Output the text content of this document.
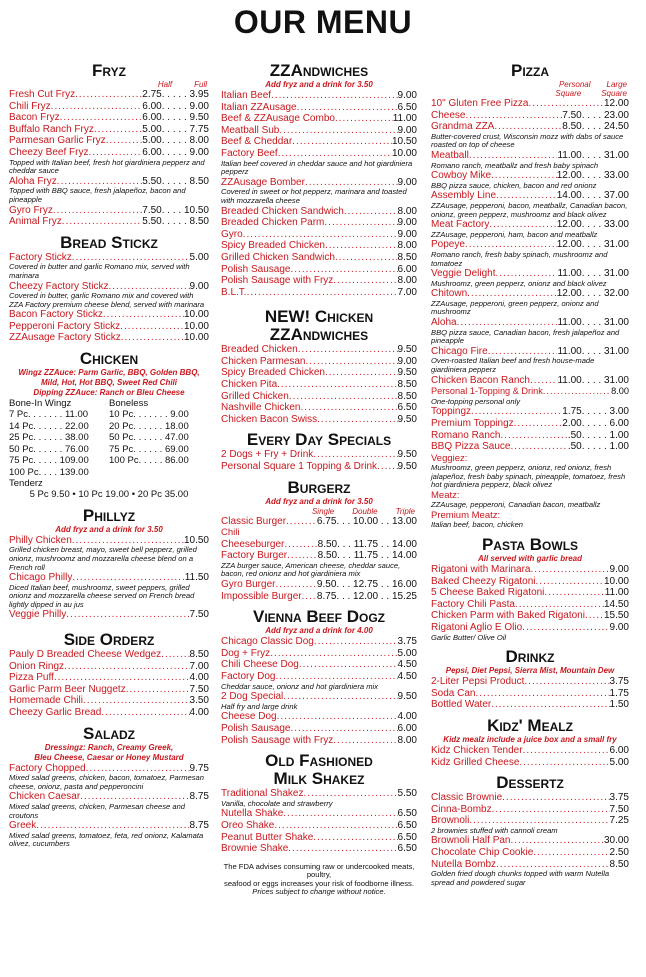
OUR MENU
Fryz
Half	Full
Fresh Cut Fryz .....	2.75. . . . . 3.95
Chili Fryz .....	6.00. . . . . 9.00
Bacon Fryz .....	6.00. . . . . 9.50
Buffalo Ranch Fryz .....	5.00. . . . . 7.75
Parmesan Garlic Fryz .....	5.00. . . . . 8.00
Cheezy Beef Fryz .....	6.00. . . . . 9.00
Topped with Italian beef, fresh hot giardiniera pepperz and cheddar sauce
Aloha Fryz .....	5.50. . . . . 8.50
Topped with BBQ sauce, fresh jalapeñoz, bacon and pineapple
Gyro Fryz .....	7.50. . . . 10.50
Animal Fryz .....	5.50. . . . . 8.50
Bread Stickz
Factory Stickz .....	5.00
Covered in butter and garlic Romano mix, served with marinara
Cheezy Factory Stickz .....	9.00
Covered in butter, garlic Romano mix and covered with ZZA Factory premium cheese blend, served with marinara
Bacon Factory Stickz .....	10.00
Pepperoni Factory Stickz .....	10.00
ZZAusage Factory Stickz .....	10.00
Chicken
Wingz ZZAuce: Parm Garlic, BBQ, Golden BBQ,
Mild, Hot, Hot BBQ, Sweet Red Chili
Dipping ZZAuce: Ranch or Bleu Cheese
Bone-In Wingz	Boneless
7 Pc. . . . . . . 11.00	10 Pc. . . . . . . 9.00
14 Pc. . . . . . 22.00	20 Pc. . . . . . 18.00
25 Pc. . . . . . 38.00	50 Pc. . . . . . 47.00
50 Pc. . . . . . 76.00	75 Pc. . . . . . 69.00
75 Pc. . . . . 109.00	100 Pc. . . . . 86.00
100 Pc. . . . 139.00
Tenderz
5 Pc 9.50 • 10 Pc 19.00 • 20 Pc 35.00
Phillyz
Add fryz and a drink for 3.50
Philly Chicken .....	10.50
Grilled chicken breast, mayo, sweet bell pepperz, grilled onionz, mushroomz and mozzarella cheese blend on a French roll
Chicago Philly .....	11.50
Diced Italian beef, mushroomz, sweet peppers, grilled onionz and mozzarella cheese served on French bread lightly dipped in au jus
Veggie Philly .....	7.50
Side Orderz
Pauly D Breaded Cheese Wedgez .....	8.50
Onion Ringz .....	7.00
Pizza Puff .....	4.00
Garlic Parm Beer Nuggetz .....	7.50
Homemade Chili .....	3.50
Cheezy Garlic Bread .....	4.00
Saladz
Dressingz: Ranch, Creamy Greek,
Bleu Cheese, Caesar or Honey Mustard
Factory Chopped .....	9.75
Mixed salad greens, chicken, bacon, tomatoez, Parmesan cheese, onionz, pasta and pepperoncini
Chicken Caesar .....	8.75
Mixed salad greens, chicken, Parmesan cheese and croutons
Greek .....	8.75
Mixed salad greens, tomatoez, feta, red onionz, Kalamata olivez, cucumbers
ZZAndwiches
Add fryz and a drink for 3.50
Italian Beef .....	9.00
Italian ZZAusage .....	6.50
Beef & ZZAusage Combo .....	11.00
Meatball Sub .....	9.00
Beef & Cheddar .....	10.50
Factory Beef .....	10.00
Italian beef covered in cheddar sauce and hot giardiniera pepperz
ZZAusage Bomber .....	9.00
Covered in sweet or hot pepperz, marinara and toasted with mozzarella cheese
Breaded Chicken Sandwich .....	8.00
Breaded Chicken Parm .....	9.00
Gyro .....	9.00
Spicy Breaded Chicken .....	8.00
Grilled Chicken Sandwich .....	8.50
Polish Sausage .....	6.00
Polish Sausage with Fryz .....	8.00
B.L.T. .....	7.00
NEW! Chicken
ZZAndwiches
Breaded Chicken .....	9.50
Chicken Parmesan .....	9.00
Spicy Breaded Chicken .....	9.50
Chicken Pita .....	8.50
Grilled Chicken .....	8.50
Nashville Chicken .....	6.50
Chicken Bacon Swiss .....	9.50
Every Day Specials
2 Dogs + Fry + Drink .....	9.50
Personal Square 1 Topping & Drink ..... 9.50
Burgerz
Add fryz and a drink for 3.50
Single Double Triple
Classic Burger .....	6.75. . . 10.00 . . 13.00
Chili
Cheeseburger .....	8.50. . . 11.75 . . 14.00
Factory Burger .....	8.50. . . 11.75 . . 14.00
ZZA burger sauce, American cheese, cheddar sauce, bacon, red onionz and hot giardiniera mix
Gyro Burger .....	9.50. . . 12.75 . . 16.00
Impossible Burger ..... 8.75. . . 12.00 . . 15.25
Vienna Beef Dogz
Add fryz and a drink for 4.00
Chicago Classic Dog .....	3.75
Dog + Fryz .....	5.00
Chili Cheese Dog .....	4.50
Factory Dog .....	4.50
Cheddar sauce, onionz and hot giardiniera mix
2 Dog Special .....	9.50
Half fry and large drink
Cheese Dog .....	4.00
Polish Sausage .....	6.00
Polish Sausage with Fryz .....	8.00
Old Fashioned
Milk Shakez
Traditional Shakez .....	5.50
Vanilla, chocolate and strawberry
Nutella Shake .....	6.50
Oreo Shake .....	6.50
Peanut Butter Shake .....	6.50
Brownie Shake .....	6.50
The FDA advises consuming raw or undercooked meats, poultry,
seafood or eggs increases your risk of foodborne illness.
Prices subject to change without notice.
Pizza
Personal Large
Square	Square
10" Gluten Free Pizza .....	12.00
Cheese .....	7.50. . . . 23.00
Grandma ZZA .....	8.50. . . . 24.50
Butter-covered crust, Wisconsin mozz with dabs of sauce roasted on top of cheese
Meatball .....	11.00. . . . 31.00
Romano ranch, meatballz and fresh baby spinach
Cowboy Mike .....	12.00. . . . 33.00
BBQ pizza sauce, chicken, bacon and red onionz
Assembly Line .....	14.00. . . . 37.00
ZZAusage, pepperoni, bacon, meatballz, Canadian bacon, onionz, green pepperz, mushroomz and black olivez
Meat Factory .....	12.00. . . . 33.00
ZZAusage, pepperoni, ham, bacon and meatballz
Popeye .....	12.00. . . . 31.00
Romano ranch, fresh baby spinach, mushroomz and tomatoez
Veggie Delight .....	11.00. . . . 31.00
Mushroomz, green pepperz, onionz and black olivez
Chitown .....	12.00. . . . 32.00
ZZAusage, pepperoni, green pepperz, onionz and mushroomz
Aloha .....	11.00. . . . 31.00
BBQ pizza sauce, Canadian bacon, fresh jalapeñoz and pineapple
Chicago Fire .....	11.00. . . . 31.00
Oven-roasted Italian beef and fresh house-made giardiniera pepperz
Chicken Bacon Ranch .....	11.00. . . . 31.00
Personal 1-Topping & Drink .....	8.00
One-topping personal only
Toppingz .....	1.75. . . . . 3.00
Premium Toppingz .....	2.00. . . . . 6.00
Romano Ranch .....	.50. . . . . 1.00
BBQ Pizza Sauce .....	.50. . . . . 1.00
Veggiez:
Mushroomz, green pepperz, onionz, red onionz, fresh jalapeñoz, fresh baby spinach, pineapple, tomatoez, fresh hot giardiniera pepperz, black olivez
Meatz:
ZZAusage, pepperoni, Canadian bacon, meatballz
Premium Meatz:
Italian beef, bacon, chicken
Pasta Bowls
All served with garlic bread
Rigatoni with Marinara .....	9.00
Baked Cheezy Rigatoni .....	10.00
5 Cheese Baked Rigatoni .....	11.00
Factory Chili Pasta .....	14.50
Chicken Parm with Baked Rigatoni ..... 15.50
Rigatoni Aglio E Olio .....	9.00
Garlic Butter/ Olive Oil
Drinkz
Pepsi, Diet Pepsi, Sierra Mist, Mountain Dew
2-Liter Pepsi Product .....	3.75
Soda Can .....	1.75
Bottled Water .....	1.50
Kidz' Mealz
Kidz mealz include a juice box and a small fry
Kidz Chicken Tender .....	6.00
Kidz Grilled Cheese .....	5.00
Dessertz
Classic Brownie .....	3.75
Cinna-Bombz .....	7.50
Brownoli .....	7.25
2 brownies stuffed with cannoli cream
Brownoli Half Pan .....	30.00
Chocolate Chip Cookie .....	2.50
Nutella Bombz .....	8.50
Golden fried dough chunks topped with warm Nutella spread and powdered sugar
